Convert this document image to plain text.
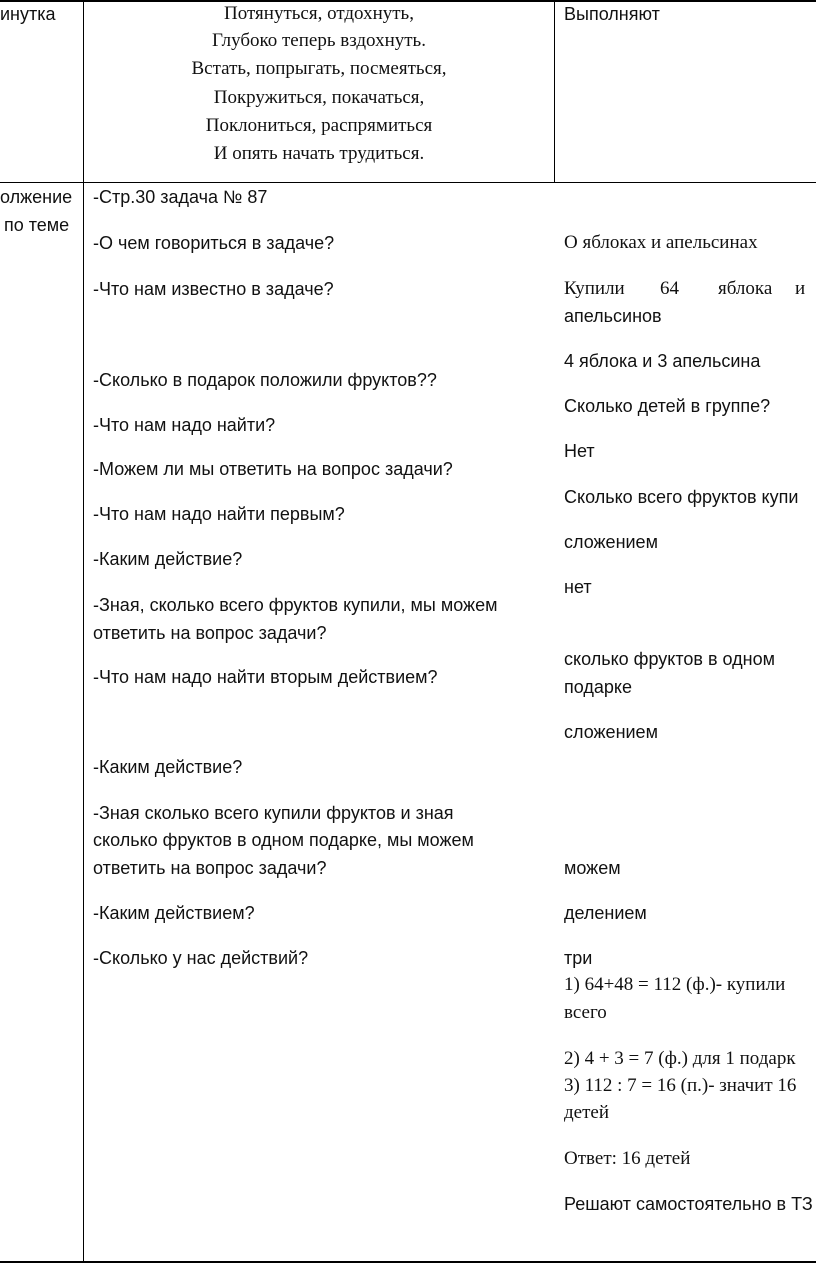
инутка	Потянуться, отдохнуть,
Глубоко теперь вздохнуть.
Встать, попрыгать, посмеяться,
Покружиться, покачаться,
Поклониться, распрямиться
И опять начать трудиться.
Выполняют
олжение
по теме
-Стр.30 задача № 87
-О чем говориться в задаче?
-Что нам известно в задаче?
-Сколько в подарок положили фруктов??
-Что нам надо найти?
-Можем ли мы ответить на вопрос задачи?
-Что нам надо найти первым?
-Каким действие?
-Зная, сколько всего фруктов купили, мы можем
ответить на вопрос задачи?
-Что нам надо найти вторым действием?
-Каким действие?
-Зная сколько всего купили фруктов и зная
сколько фруктов в одном подарке, мы можем
ответить на вопрос задачи?
-Каким действием?
-Сколько у нас действий?
О яблоках и апельсинах
Купили 64 яблока и
апельсинов
4 яблока и 3 апельсина
Сколько детей в группе?
Нет
Сколько всего фруктов купи
сложением
нет
сколько фруктов в одном
подарке
сложением
можем
делением
три
1) 64+48 = 112 (ф.)- купили
всего
2) 4 + 3 = 7 (ф.) для 1 подарк
3) 112 : 7 = 16 (п.)- значит 16
детей
Ответ: 16 детей
Решают самостоятельно в ТЗ
